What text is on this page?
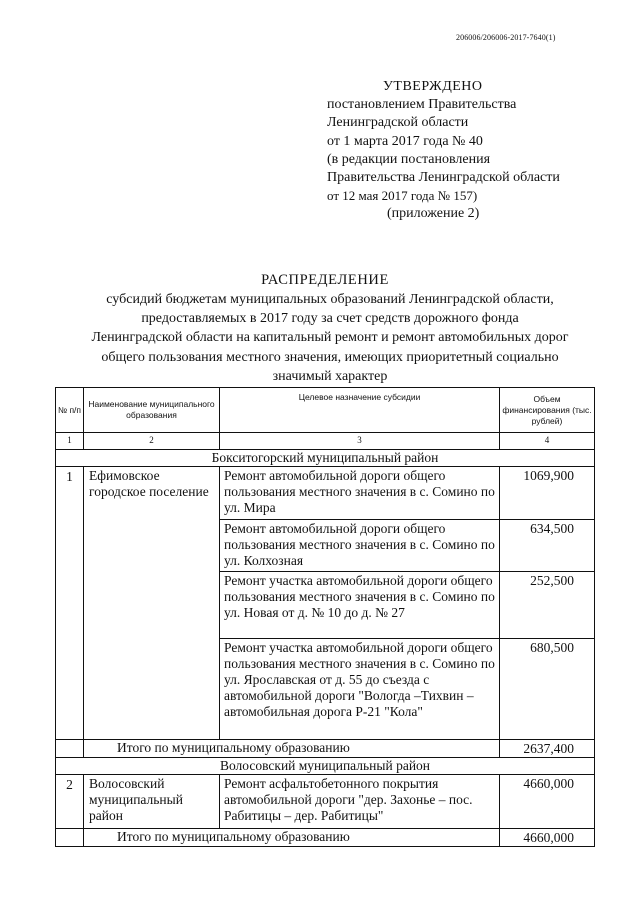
206006/206006-2017-7640(1)
УТВЕРЖДЕНО
постановлением Правительства
Ленинградской области
от 1 марта 2017 года № 40
(в редакции постановления
Правительства Ленинградской области
от 12 мая 2017 года № 157)
(приложение 2)
РАСПРЕДЕЛЕНИЕ
субсидий бюджетам муниципальных образований Ленинградской области,
предоставляемых в 2017 году за счет средств дорожного фонда
Ленинградской области на капитальный ремонт и ремонт автомобильных дорог
общего пользования местного значения, имеющих приоритетный социально
значимый характер
№ п/п	Наименование муниципального образования	Целевое назначение субсидии	Объем финансирования (тыс. рублей)
1	2	3	4
Бокситогорский муниципальный район			
1	Ефимовское городское поселение	Ремонт автомобильной дороги общего пользования местного значения в с. Сомино по ул. Мира	1069,900
		Ремонт автомобильной дороги общего пользования местного значения в с. Сомино по ул. Колхозная	634,500
		Ремонт участка автомобильной дороги общего пользования местного значения в с. Сомино по ул. Новая от д. № 10 до д. № 27	252,500
		Ремонт участка автомобильной дороги общего пользования местного значения в с. Сомино по ул. Ярославская от д. 55 до съезда с автомобильной дороги "Вологда –Тихвин – автомобильная дорога Р-21 "Кола"	680,500
	Итого по муниципальному образованию		2637,400
Волосовский муниципальный район			
2	Волосовский муниципальный район	Ремонт асфальтобетонного покрытия автомобильной дороги "дер. Захонье – пос. Рабитицы – дер. Рабитицы"	4660,000
	Итого по муниципальному образованию		4660,000
